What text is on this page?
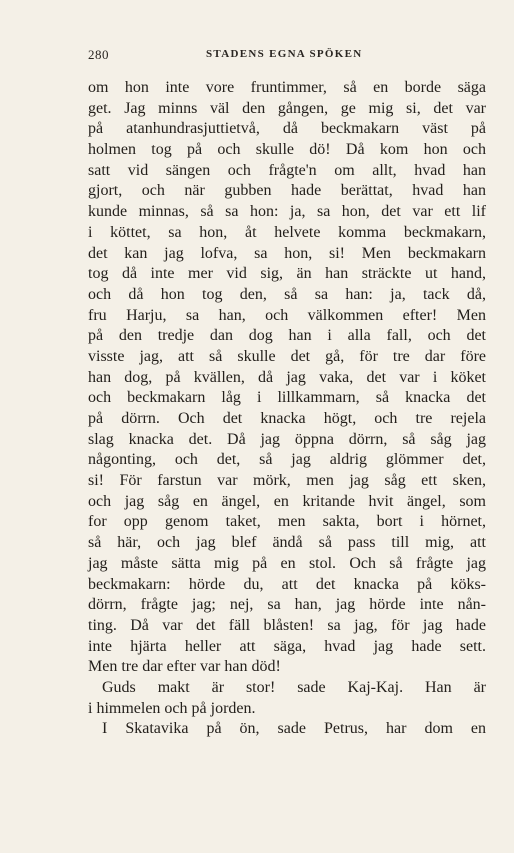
280	STADENS EGNA SPÖKEN
om hon inte vore fruntimmer, så en borde säga
get. Jag minns väl den gången, ge mig si, det var
på atanhundrasjuttietvå, då beckmakarn väst på
holmen tog på och skulle dö! Då kom hon och
satt vid sängen och frågte'n om allt, hvad han
gjort, och när gubben hade berättat, hvad han
kunde minnas, så sa hon: ja, sa hon, det var ett lif
i köttet, sa hon, åt helvete komma beckmakarn,
det kan jag lofva, sa hon, si! Men beckmakarn
tog då inte mer vid sig, än han sträckte ut hand,
och då hon tog den, så sa han: ja, tack då,
fru Harju, sa han, och välkommen efter! Men
på den tredje dan dog han i alla fall, och det
visste jag, att så skulle det gå, för tre dar före
han dog, på kvällen, då jag vaka, det var i köket
och beckmakarn låg i lillkammarn, så knacka det
på dörrn. Och det knacka högt, och tre rejela
slag knacka det. Då jag öppna dörrn, så såg jag
någonting, och det, så jag aldrig glömmer det,
si! För farstun var mörk, men jag såg ett sken,
och jag såg en ängel, en kritande hvit ängel, som
for opp genom taket, men sakta, bort i hörnet,
så här, och jag blef ändå så pass till mig, att
jag måste sätta mig på en stol. Och så frågte jag
beckmakarn: hörde du, att det knacka på köks-
dörrn, frågte jag; nej, sa han, jag hörde inte nån-
ting. Då var det fäll blåsten! sa jag, för jag hade
inte hjärta heller att säga, hvad jag hade sett.
Men tre dar efter var han död!
Guds makt är stor! sade Kaj-Kaj. Han är
i himmelen och på jorden.
I Skatavika på ön, sade Petrus, har dom en
